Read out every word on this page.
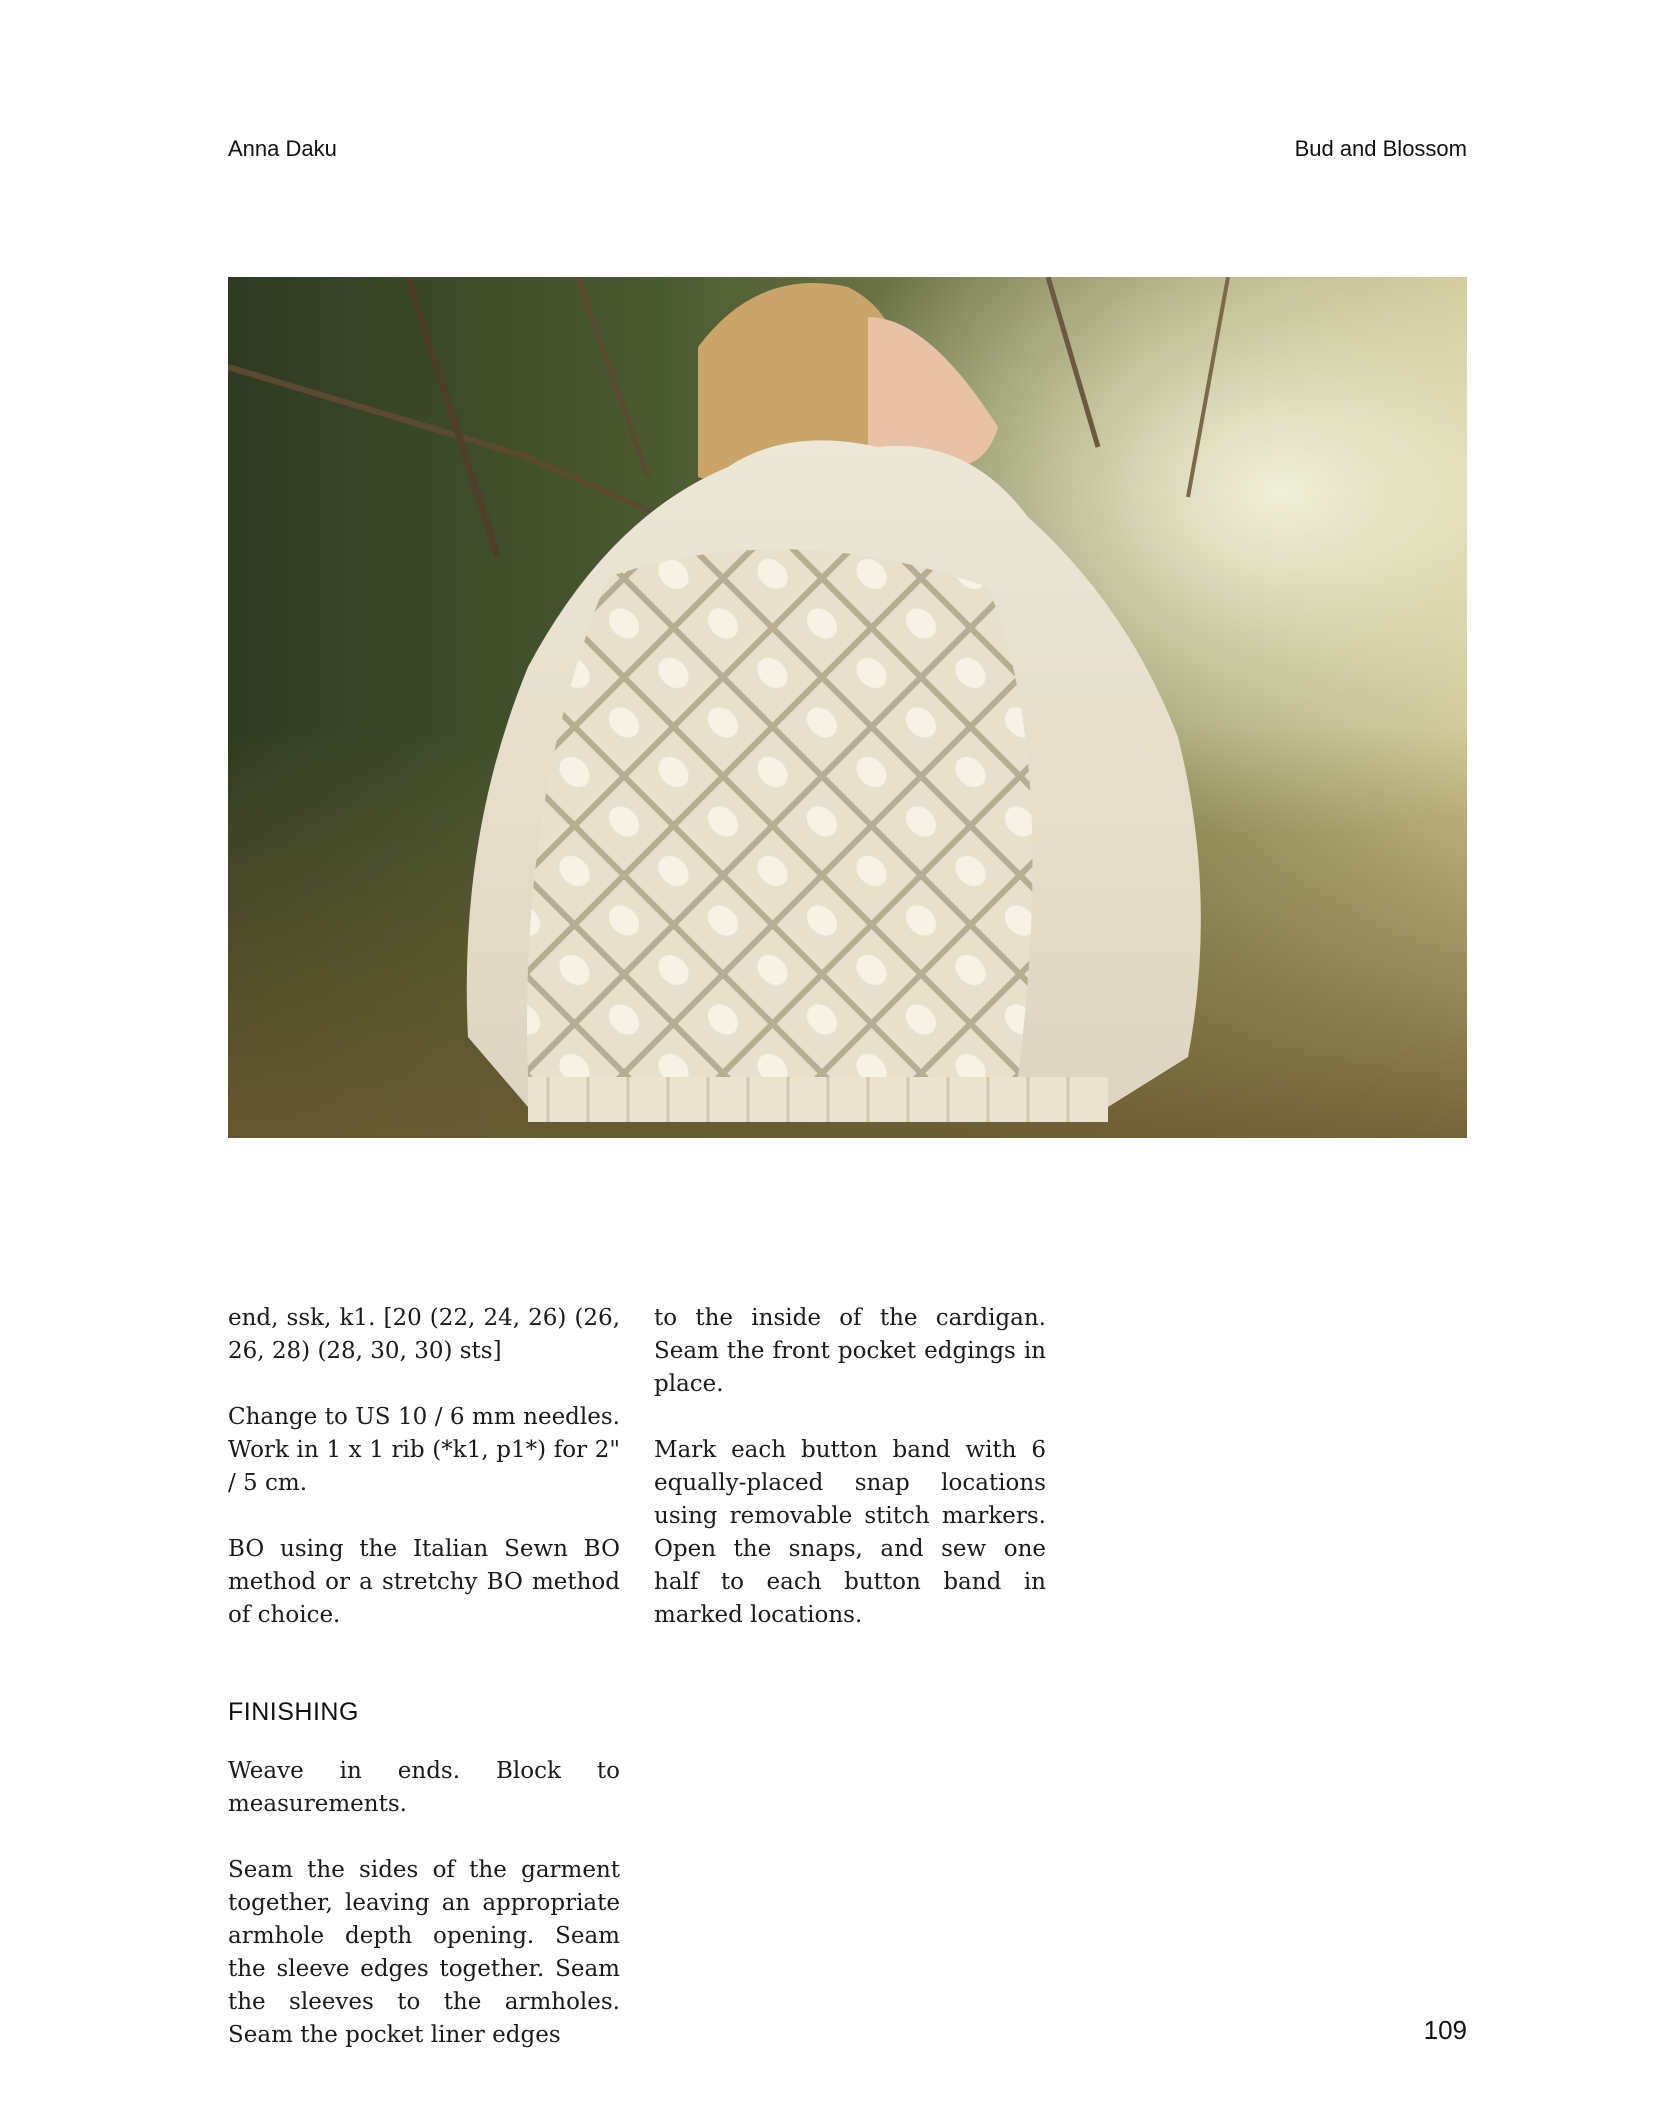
Anna Daku	Bud and Blossom

end, ssk, k1. [20 (22, 24, 26) (26, 26, 28) (28, 30, 30) sts]

Change to US 10 / 6 mm needles. Work in 1 x 1 rib (*k1, p1*) for 2" / 5 cm.

BO using the Italian Sewn BO method or a stretchy BO method of choice.

FINISHING

Weave in ends. Block to measurements.

Seam the sides of the garment together, leaving an appropriate armhole depth opening. Seam the sleeve edges together. Seam the sleeves to the armholes. Seam the pocket liner edges

to the inside of the cardigan. Seam the front pocket edgings in place.

Mark each button band with 6 equally-placed snap locations using removable stitch markers. Open the snaps, and sew one half to each button band in marked locations.

109
